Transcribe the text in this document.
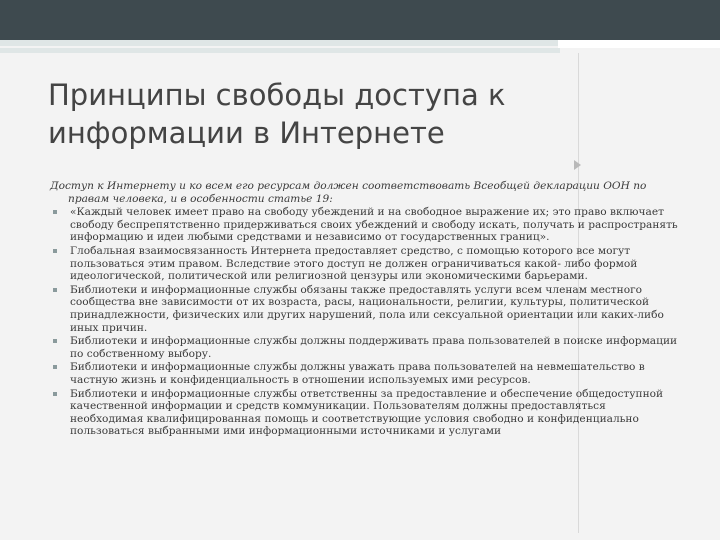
Принципы свободы доступа к
информации в Интернете

Доступ к Интернету и ко всем его ресурсам должен соответствовать Всеобщей декларации ООН по правам человека, и в особенности статье 19:

«Каждый человек имеет право на свободу убеждений и на свободное выражение их; это право включает свободу беспрепятственно придерживаться своих убеждений и свободу искать, получать и распространять информацию и идеи любыми средствами и независимо от государственных границ».
Глобальная взаимосвязанность Интернета предоставляет средство, с помощью которого все могут пользоваться этим правом. Вследствие этого доступ не должен ограничиваться какой- либо формой идеологической, политической или религиозной цензуры или экономическими барьерами.
Библиотеки и информационные службы обязаны также предоставлять услуги всем членам местного сообщества вне зависимости от их возраста, расы, национальности, религии, культуры, политической принадлежности, физических или других нарушений, пола или сексуальной ориентации или каких-либо иных причин.
Библиотеки и информационные службы должны поддерживать права пользователей в поиске информации по собственному выбору.
Библиотеки и информационные службы должны уважать права пользователей на невмешательство в частную жизнь и конфиденциальность в отношении используемых ими ресурсов.
Библиотеки и информационные службы ответственны за предоставление и обеспечение общедоступной качественной информации и средств коммуникации. Пользователям должны предоставляться необходимая квалифицированная помощь и соответствующие условия свободно и конфиденциально пользоваться выбранными ими информационными источниками и услугами
